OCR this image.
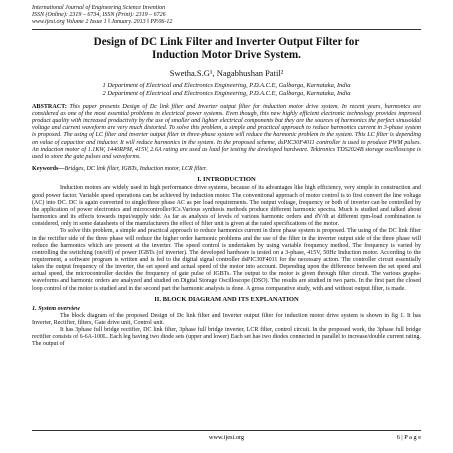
International Journal of Engineering Science Invention
ISSN (Online): 2319 – 6734, ISSN (Print): 2319 – 6726
www.ijesi.org Volume 2 Issue 1 ǁ January. 2013 ǁ PP.06-12
Design of DC Link Filter and Inverter Output Filter for
Induction Motor Drive System.
Swetha.S.G¹, Nagabhushan Patil²
1 Department of Electrical and Electronics Engineering, P.D.A.C.E, Gulbarga, Karnataka, India
2 Department of Electrical and Electronics Engineering, P.D.A.C.E, Gulbarga, Karnataka, India
ABSTRACT: This paper presents Design of Dc link filter and Inverter output filter for induction motor drive system. In recent years, harmonics are considered as one of the most essential problems in electrical power systems. Even though, this new highly efficient electronic technology provides improved product quality with increased productivity by the use of smaller and lighter electrical components but they are the sources of harmonics the perfect sinusoidal voltage and current waveform are very much distorted. To solve this problem, a simple and practical approach to reduce harmonics current in 3-phase system is proposed. The using of LC filter and inverter output filter in three-phase system will reduce the harmonic problem in the system. This LC filter is depending on value of capacitor and inductor. It will reduce harmonics in the system. In the proposed scheme, dsPIC30F4011 controller is used to produce PWM pulses. An induction motor of 1.1KW, 1440RPM, 415V, 2.6A rating are used as load for testing the developed hardware. Tektronics TDS2024B storage oscilloscope is used to store the gate pulses and waveforms.
Keywords—Bridges, DC link filter, IGBTs, Induction motor, LCR filter.
I. INTRODUCTION

Induction motors are widely used in high performance drive systems, because of its advantages like high efficiency, very simple in construction and good power factor. Variable speed operations can be achieved by induction motor. The conventional approach of motor control is to first convert the line voltage (AC) into DC. DC is again converted to single/three phase AC as per load requirements. The output voltage, frequency or both of inverter can be controlled by the application of power electronics and microcontroller/ICs.Various synthesis methods produce different harmonic spectra. Much is studied and talked about harmonics and its effects towards input/supply side. As far as analysis of levels of various harmonic orders and dV/dt at different rpm-load combination is considered, only in some datasheets of the manufacturers the effect of filter unit is given at the rated specifications of the motor.

To solve this problem, a simple and practical approach to reduce harmonics current in three phase system is proposed. The using of the DC link filter in the rectifier side of the three phase will reduce the higher order harmonic problems and the use of the filter in the inverter output side of the three phase will reduce the harmonics which are present at the inverter. The speed control is undertaken by using variable frequency method. The frequency is varied by controlling the switching (on/off) of power IGBTs (of inverter). The developed hardware is tested on a 3-phase, 415V, 50Hz Induction motor. According to the requirement, a software program is written and is fed to the digital signal controller dsPIC30F4011 for the necessary action. The controller circuit essentially takes the output frequency of the inverter, the set speed and actual speed of the motor into account. Depending upon the difference between the set speed and actual speed, the microcontroller decides the frequency of gate pulse of IGBTs. The output to the motor is given through filter circuit. The various graphs-waveforms and harmonic orders are analyzed and studied on Digital Storage Oscilloscope (DSO). The results are studied in two parts. In the first part the closed loop control of the motor is studied and in the second part the harmonic analysis is done. A gross comparative study, with and without output filter, is made.

II. BLOCK DIAGRAM AND ITS EXPLANATION
1. System overview

The block diagram of the proposed Design of Dc link filter and Inverter output filter for induction motor drive system is shown in fig 1. It has Inverter, Rectifier, filters, Gate drive unit, Control unit.

It has 3phase full bridge rectifier, DC link filter, 3phase full bridge inverter, LCR filter, control circuit. In the proposed work, the 3phase full bridge rectifier consists of 6-6A-100L. Each leg having two diode sets (upper and lower) Each set has two diodes connected in parallel to increase/double current rating. The output of

www.ijesi.org	6 | P a g e
